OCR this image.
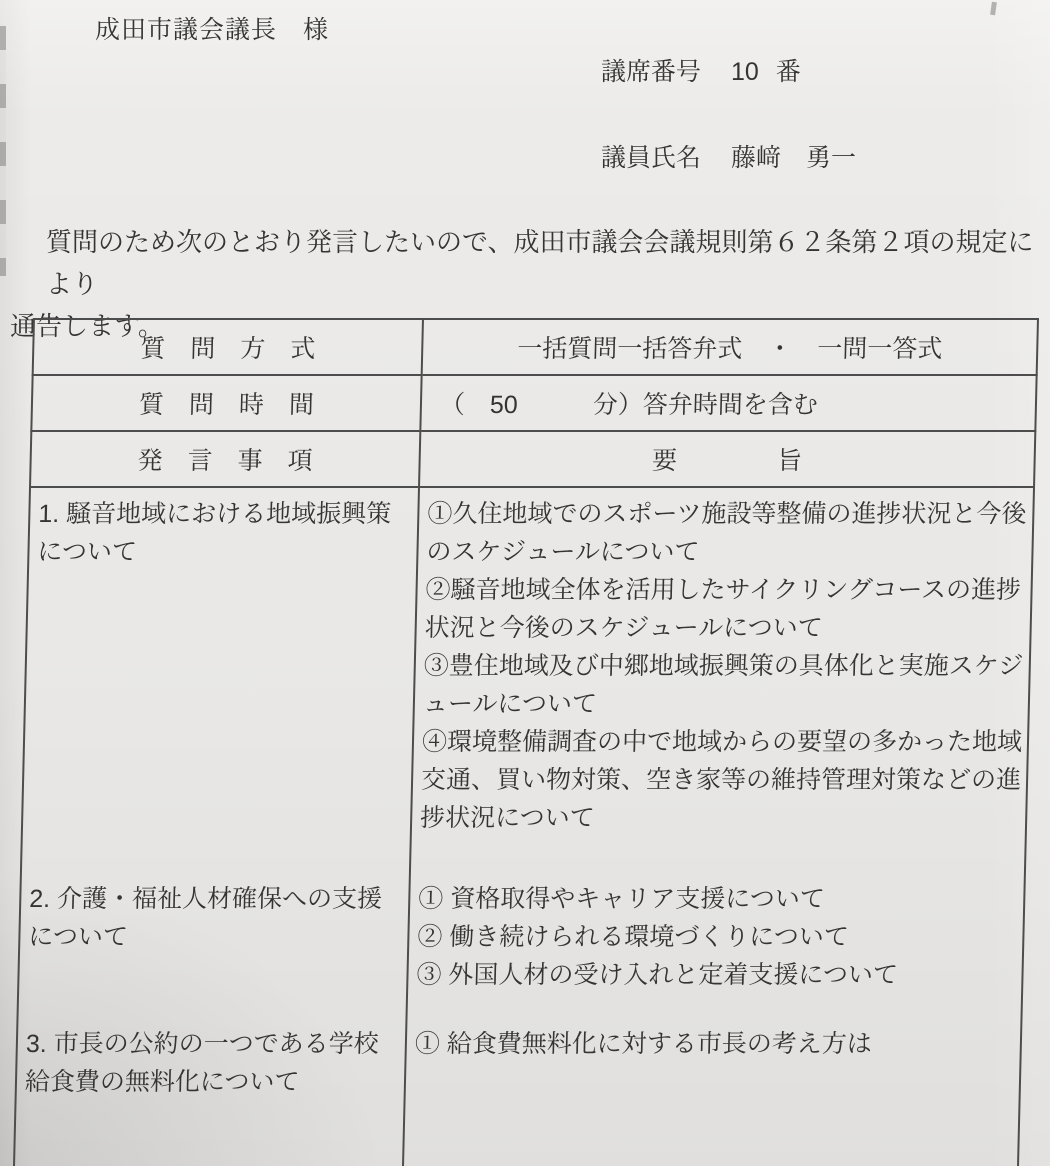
成田市議会議長　様
議席番号 10 番
議員氏名 藤﨑　勇一
質問のため次のとおり発言したいので、成田市議会会議規則第６２条第２項の規定により
通告します。
質　問　方　式	一括質問一括答弁式　・　一問一答式
質　問　時　間	（　50　　　分）答弁時間を含む
発　言　事　項	要　　　　旨
1. 騒音地域における地域振興策について	①久住地域でのスポーツ施設等整備の進捗状況と今後のスケジュールについて
②騒音地域全体を活用したサイクリングコースの進捗状況と今後のスケジュールについて
③豊住地域及び中郷地域振興策の具体化と実施スケジュールについて
④環境整備調査の中で地域からの要望の多かった地域交通、買い物対策、空き家等の維持管理対策などの進捗状況について

2. 介護・福祉人材確保への支援について	① 資格取得やキャリア支援について
② 働き続けられる環境づくりについて
③ 外国人材の受け入れと定着支援について

3. 市長の公約の一つである学校給食費の無料化について	① 給食費無料化に対する市長の考え方は
